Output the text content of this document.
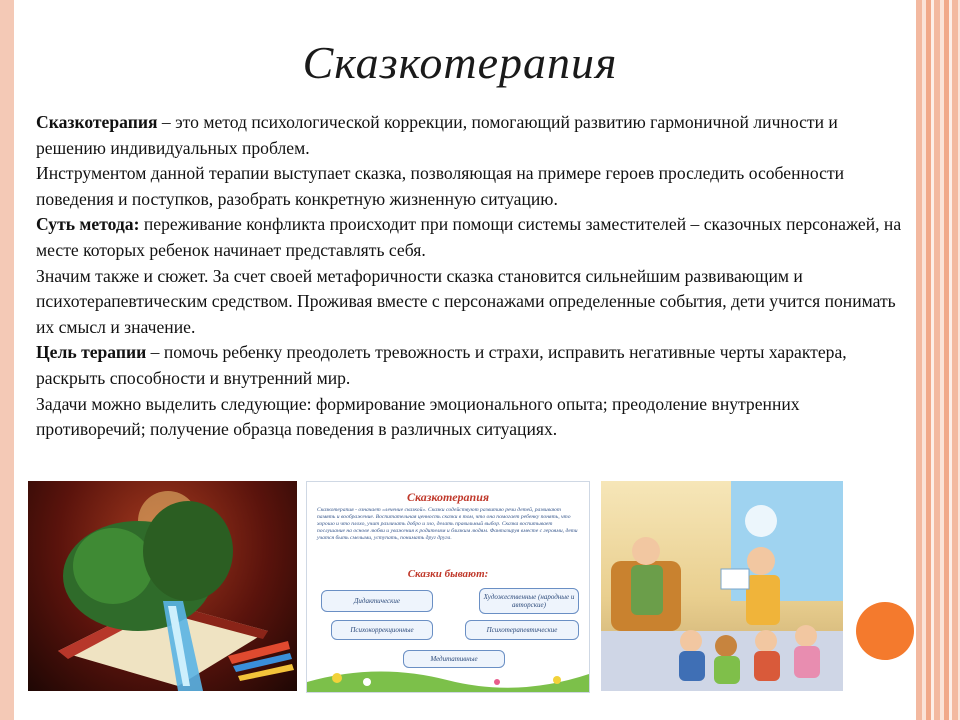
Сказкотерапия

Сказкотерапия – это метод психологической коррекции, помогающий развитию гармоничной личности и решению индивидуальных проблем.

Инструментом данной терапии выступает сказка, позволяющая на примере героев проследить особенности поведения и поступков, разобрать конкретную жизненную ситуацию.

Суть метода: переживание конфликта происходит при помощи системы заместителей – сказочных персонажей, на месте которых ребенок начинает представлять себя.

Значим также и сюжет. За счет своей метафоричности сказка становится сильнейшим развивающим и психотерапевтическим средством. Проживая вместе с персонажами определенные события, дети учится понимать их смысл и значение.

Цель терапии – помочь ребенку преодолеть тревожность и страхи, исправить негативные черты характера, раскрыть способности и внутренний мир.

Задачи можно выделить следующие: формирование эмоционального опыта; преодоление внутренних противоречий; получение образца поведения в различных ситуациях.

Сказкотерапия
Сказкотерапия - означает «лечение сказкой». Сказки содействуют развитию речи детей, развивают память и воображение. Воспитательная ценность сказки в том, что она помогает ребенку понять, что хорошо и что плохо, учит различать добро и зло, делать правильный выбор. Сказка воспитывает послушание на основе любви и уважения к родителям и близким людям. Фантазируя вместе с героями, дети учатся быть смелыми, уступать, понимать друг друга.
Сказки бывают:
Дидактические	Художественные (народные и авторские)
Психокоррекционные	Психотерапевтические
Медитативные
